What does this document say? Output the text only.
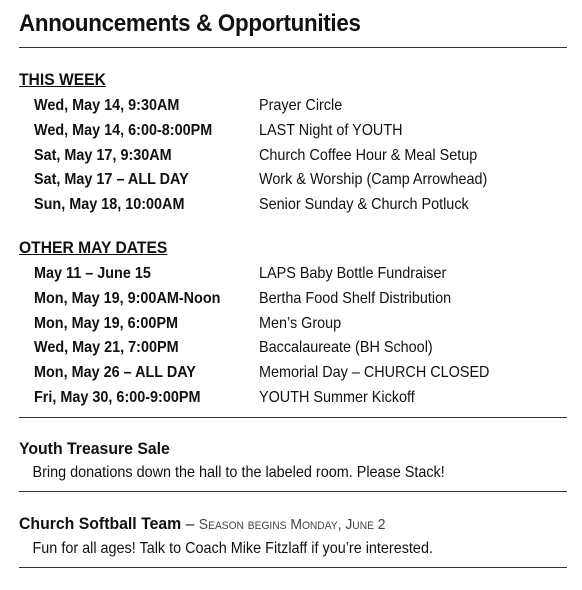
Announcements & Opportunities
THIS WEEK
Wed, May 14, 9:30AM	Prayer Circle
Wed, May 14, 6:00-8:00PM	LAST Night of YOUTH
Sat, May 17, 9:30AM	Church Coffee Hour & Meal Setup
Sat, May 17 – ALL DAY	Work & Worship (Camp Arrowhead)
Sun, May 18, 10:00AM	Senior Sunday & Church Potluck
OTHER MAY DATES
May 11 – June 15	LAPS Baby Bottle Fundraiser
Mon, May 19, 9:00AM-Noon Bertha Food Shelf Distribution
Mon, May 19, 6:00PM	Men’s Group
Wed, May 21, 7:00PM	Baccalaureate (BH School)
Mon, May 26 – ALL DAY	Memorial Day – CHURCH CLOSED
Fri, May 30, 6:00-9:00PM	YOUTH Summer Kickoff
Youth Treasure Sale
Bring donations down the hall to the labeled room. Please Stack!
Church Softball Team – Season begins Monday, June 2
Fun for all ages! Talk to Coach Mike Fitzlaff if you’re interested.
